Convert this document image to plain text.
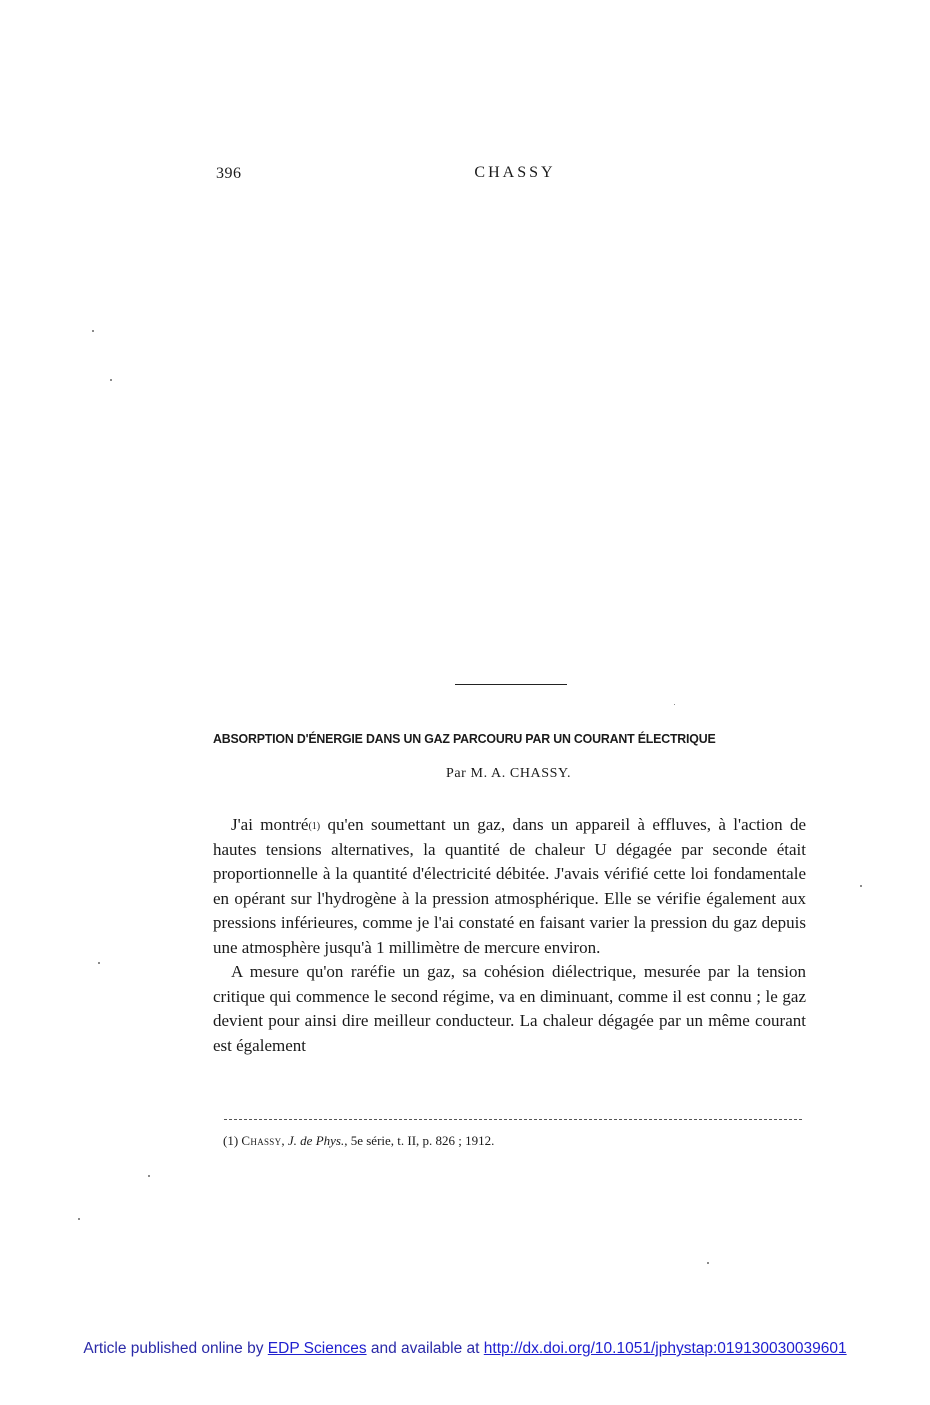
396	CHASSY
ABSORPTION D'ÉNERGIE DANS UN GAZ PARCOURU PAR UN COURANT ÉLECTRIQUE
Par M. A. CHASSY.

J'ai montré$^{(1)}$ qu'en soumettant un gaz, dans un appareil à effluves, à l'action de hautes tensions alternatives, la quantité de chaleur U dégagée par seconde était proportionnelle à la quantité d'électricité débitée. J'avais vérifié cette loi fondamentale en opérant sur l'hydrogène à la pression atmosphérique. Elle se vérifie également aux pressions inférieures, comme je l'ai constaté en faisant varier la pression du gaz depuis une atmosphère jusqu'à 1 millimètre de mercure environ.

A mesure qu'on raréfie un gaz, sa cohésion diélectrique, mesurée par la tension critique qui commence le second régime, va en diminuant, comme il est connu ; le gaz devient pour ainsi dire meilleur conducteur. La chaleur dégagée par un même courant est également

(1) Chassy, J. de Phys., 5e série, t. II, p. 826 ; 1912.
Article published online by EDP Sciences and available at http://dx.doi.org/10.1051/jphystap:019130030039601
